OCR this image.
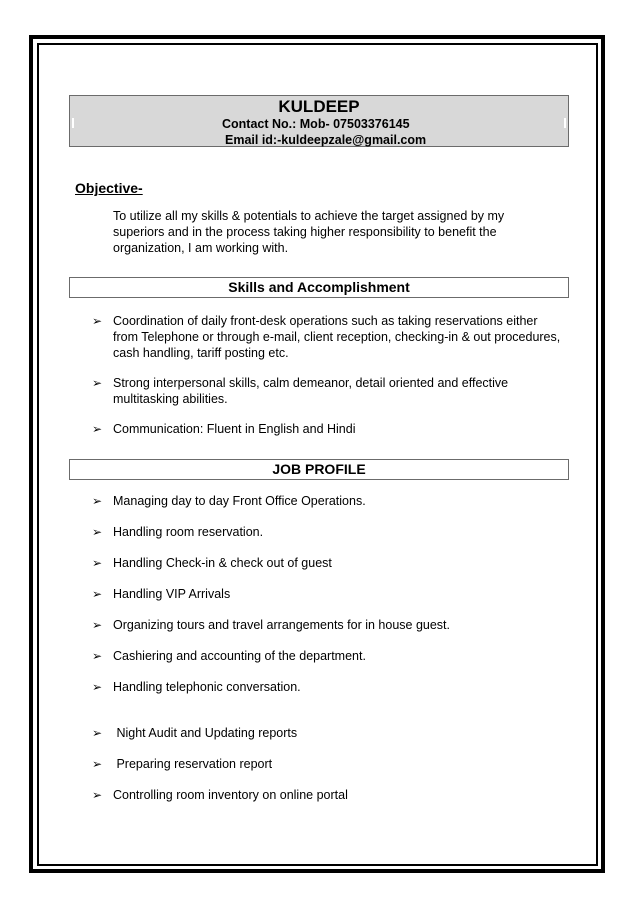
KULDEEP
Contact No.: Mob- 07503376145
Email id:-kuldeepzale@gmail.com
Objective-
To utilize all my skills & potentials to achieve the target assigned by my superiors and in the process taking higher responsibility to benefit the organization, I am working with.
Skills and Accomplishment
➢ Coordination of daily front-desk operations such as taking reservations either from Telephone or through e-mail, client reception, checking-in & out procedures, cash handling, tariff posting etc.
➢ Strong interpersonal skills, calm demeanor, detail oriented and effective multitasking abilities.
➢ Communication: Fluent in English and Hindi
JOB PROFILE
➢ Managing day to day Front Office Operations.
➢ Handling room reservation.
➢ Handling Check-in & check out of guest
➢ Handling VIP Arrivals
➢ Organizing tours and travel arrangements for in house guest.
➢ Cashiering and accounting of the department.
➢ Handling telephonic conversation.
➢ Night Audit and Updating reports
➢ Preparing reservation report
➢ Controlling room inventory on online portal
